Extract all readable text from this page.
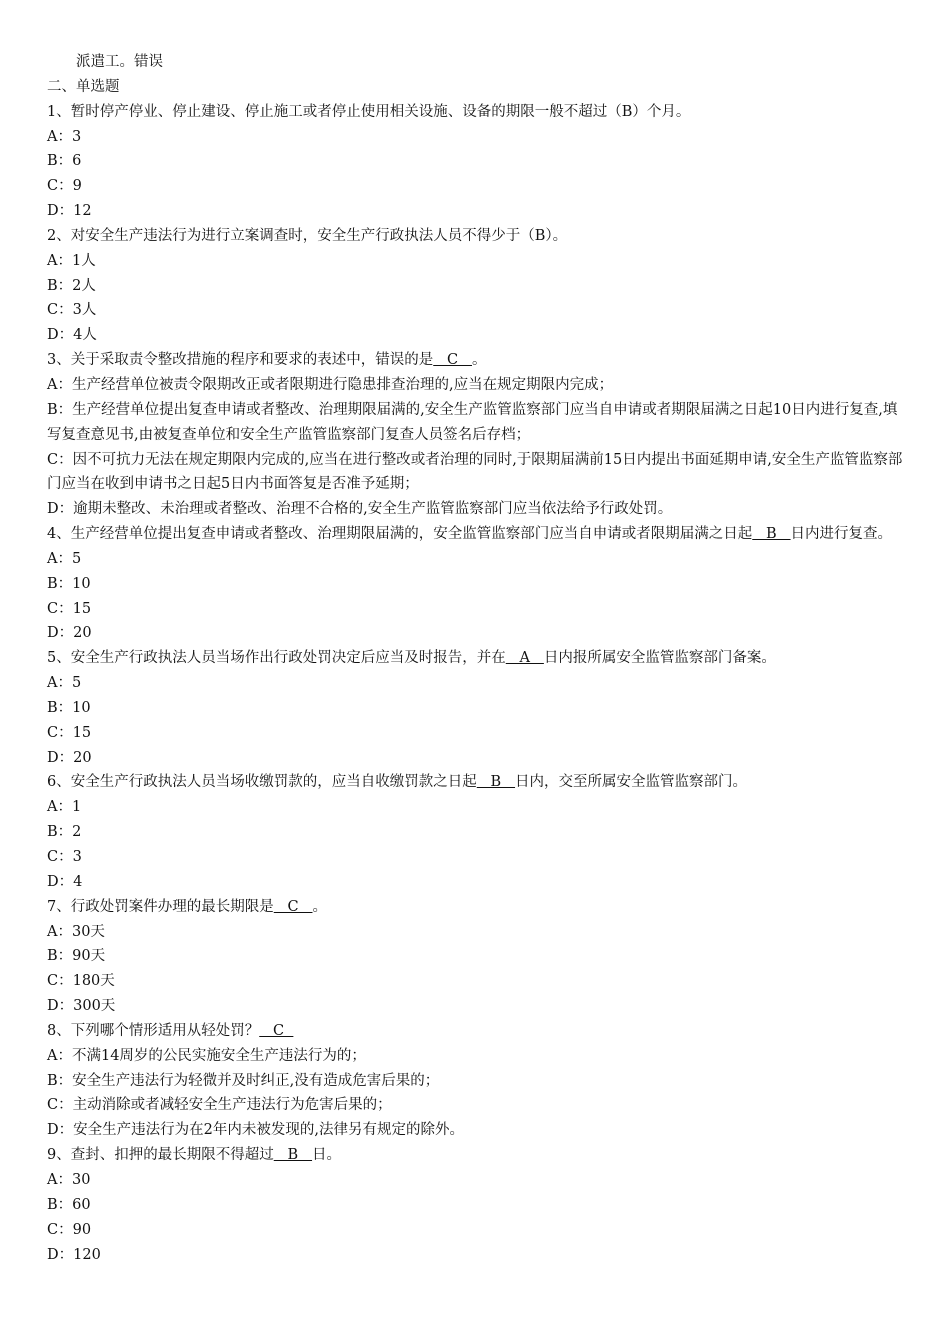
派遣工。错误
二、单选题
1、暂时停产停业、停止建设、停止施工或者停止使用相关设施、设备的期限一般不超过（B）个月。
A：3
B：6
C：9
D：12
2、对安全生产违法行为进行立案调查时，安全生产行政执法人员不得少于（B）。
A：1人
B：2人
C：3人
D：4人
3、关于采取责令整改措施的程序和要求的表述中，错误的是   C   。
A：生产经营单位被责令限期改正或者限期进行隐患排查治理的,应当在规定期限内完成；
B：生产经营单位提出复查申请或者整改、治理期限届满的,安全生产监管监察部门应当自申请或者期限届满之日起10日内进行复查,填写复查意见书,由被复查单位和安全生产监管监察部门复查人员签名后存档；
C：因不可抗力无法在规定期限内完成的,应当在进行整改或者治理的同时,于限期届满前15日内提出书面延期申请,安全生产监管监察部门应当在收到申请书之日起5日内书面答复是否准予延期；
D：逾期未整改、未治理或者整改、治理不合格的,安全生产监管监察部门应当依法给予行政处罚。
4、生产经营单位提出复查申请或者整改、治理期限届满的，安全监管监察部门应当自申请或者限期届满之日起   B   日内进行复查。
A：5
B：10
C：15
D：20
5、安全生产行政执法人员当场作出行政处罚决定后应当及时报告，并在   A   日内报所属安全监管监察部门备案。
A：5
B：10
C：15
D：20
6、安全生产行政执法人员当场收缴罚款的，应当自收缴罚款之日起   B   日内，交至所属安全监管监察部门。
A：1
B：2
C：3
D：4
7、行政处罚案件办理的最长期限是   C   。
A：30天
B：90天
C：180天
D：300天
8、下列哪个情形适用从轻处罚？   C
A：不满14周岁的公民实施安全生产违法行为的；
B：安全生产违法行为轻微并及时纠正,没有造成危害后果的；
C：主动消除或者减轻安全生产违法行为危害后果的；
D：安全生产违法行为在2年内未被发现的,法律另有规定的除外。
9、查封、扣押的最长期限不得超过   B   日。
A：30
B：60
C：90
D：120
